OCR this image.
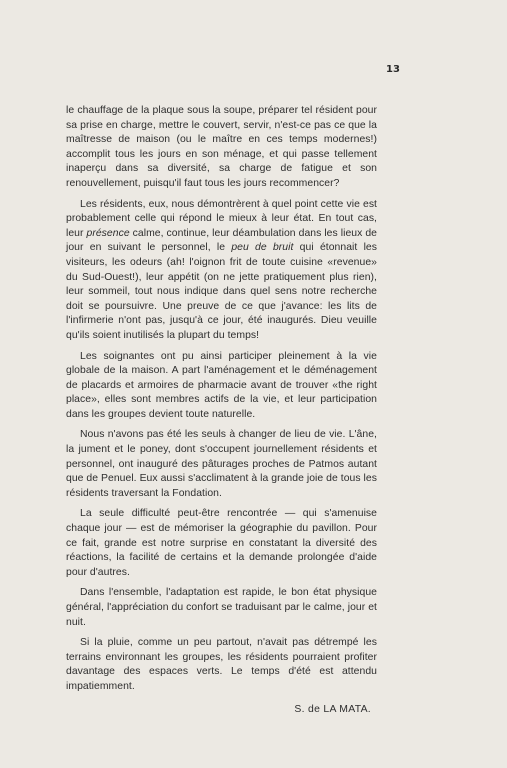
13

le chauffage de la plaque sous la soupe, préparer tel résident pour sa prise en charge, mettre le couvert, servir, n'est-ce pas ce que la maîtresse de maison (ou le maître en ces temps modernes!) accomplit tous les jours en son ménage, et qui passe tellement inaperçu dans sa diversité, sa charge de fatigue et son renouvellement, puisqu'il faut tous les jours recommencer?

Les résidents, eux, nous démontrèrent à quel point cette vie est probablement celle qui répond le mieux à leur état. En tout cas, leur présence calme, continue, leur déambulation dans les lieux de jour en suivant le personnel, le peu de bruit qui étonnait les visiteurs, les odeurs (ah! l'oignon frit de toute cuisine «revenue» du Sud-Ouest!), leur appétit (on ne jette pratiquement plus rien), leur sommeil, tout nous indique dans quel sens notre recherche doit se poursuivre. Une preuve de ce que j'avance: les lits de l'infirmerie n'ont pas, jusqu'à ce jour, été inaugurés. Dieu veuille qu'ils soient inutilisés la plupart du temps!

Les soignantes ont pu ainsi participer pleinement à la vie globale de la maison. A part l'aménagement et le déménagement de placards et armoires de pharmacie avant de trouver «the right place», elles sont membres actifs de la vie, et leur participation dans les groupes devient toute naturelle.

Nous n'avons pas été les seuls à changer de lieu de vie. L'âne, la jument et le poney, dont s'occupent journellement résidents et personnel, ont inauguré des pâturages proches de Patmos autant que de Penuel. Eux aussi s'acclimatent à la grande joie de tous les résidents traversant la Fondation.

La seule difficulté peut-être rencontrée — qui s'amenuise chaque jour — est de mémoriser la géographie du pavillon. Pour ce fait, grande est notre surprise en constatant la diversité des réactions, la facilité de certains et la demande prolongée d'aide pour d'autres.

Dans l'ensemble, l'adaptation est rapide, le bon état physique général, l'appréciation du confort se traduisant par le calme, jour et nuit.

Si la pluie, comme un peu partout, n'avait pas détrempé les terrains environnant les groupes, les résidents pourraient profiter davantage des espaces verts. Le temps d'été est attendu impatiemment.

S. de LA MATA.
